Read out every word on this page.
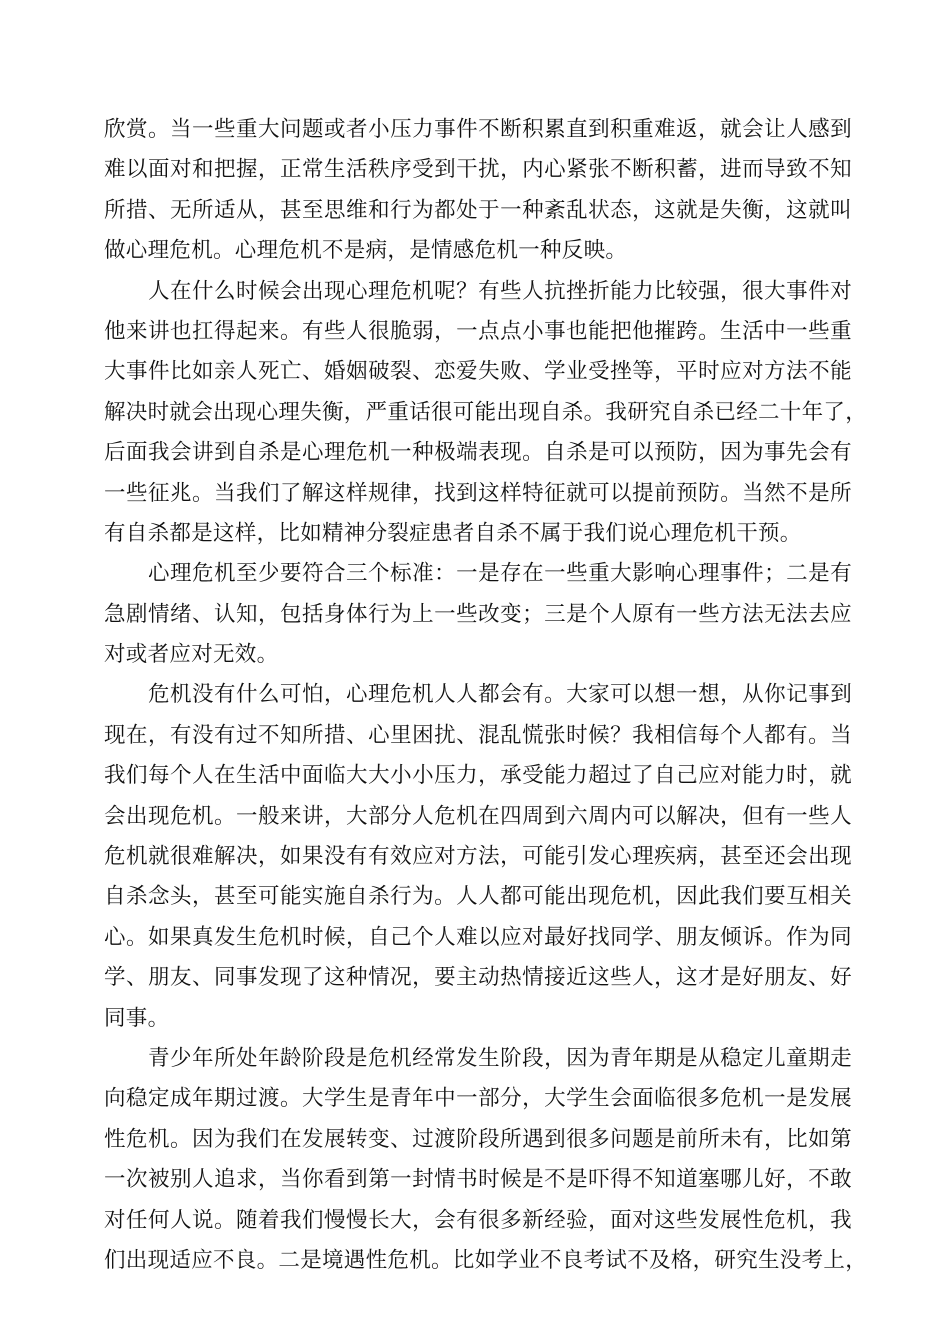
欣赏。当一些重大问题或者小压力事件不断积累直到积重难返，就会让人感到
难以面对和把握，正常生活秩序受到干扰，内心紧张不断积蓄，进而导致不知
所措、无所适从，甚至思维和行为都处于一种紊乱状态，这就是失衡，这就叫
做心理危机。心理危机不是病，是情感危机一种反映。
人在什么时候会出现心理危机呢？有些人抗挫折能力比较强，很大事件对
他来讲也扛得起来。有些人很脆弱，一点点小事也能把他摧跨。生活中一些重
大事件比如亲人死亡、婚姻破裂、恋爱失败、学业受挫等，平时应对方法不能
解决时就会出现心理失衡，严重话很可能出现自杀。我研究自杀已经二十年了，
后面我会讲到自杀是心理危机一种极端表现。自杀是可以预防，因为事先会有
一些征兆。当我们了解这样规律，找到这样特征就可以提前预防。当然不是所
有自杀都是这样，比如精神分裂症患者自杀不属于我们说心理危机干预。
心理危机至少要符合三个标准：一是存在一些重大影响心理事件；二是有
急剧情绪、认知，包括身体行为上一些改变；三是个人原有一些方法无法去应
对或者应对无效。
危机没有什么可怕，心理危机人人都会有。大家可以想一想，从你记事到
现在，有没有过不知所措、心里困扰、混乱慌张时候？我相信每个人都有。当
我们每个人在生活中面临大大小小压力，承受能力超过了自己应对能力时，就
会出现危机。一般来讲，大部分人危机在四周到六周内可以解决，但有一些人
危机就很难解决，如果没有有效应对方法，可能引发心理疾病，甚至还会出现
自杀念头，甚至可能实施自杀行为。人人都可能出现危机，因此我们要互相关
心。如果真发生危机时候，自己个人难以应对最好找同学、朋友倾诉。作为同
学、朋友、同事发现了这种情况，要主动热情接近这些人，这才是好朋友、好
同事。
青少年所处年龄阶段是危机经常发生阶段，因为青年期是从稳定儿童期走
向稳定成年期过渡。大学生是青年中一部分，大学生会面临很多危机一是发展
性危机。因为我们在发展转变、过渡阶段所遇到很多问题是前所未有，比如第
一次被别人追求，当你看到第一封情书时候是不是吓得不知道塞哪儿好，不敢
对任何人说。随着我们慢慢长大，会有很多新经验，面对这些发展性危机，我
们出现适应不良。二是境遇性危机。比如学业不良考试不及格，研究生没考上，
